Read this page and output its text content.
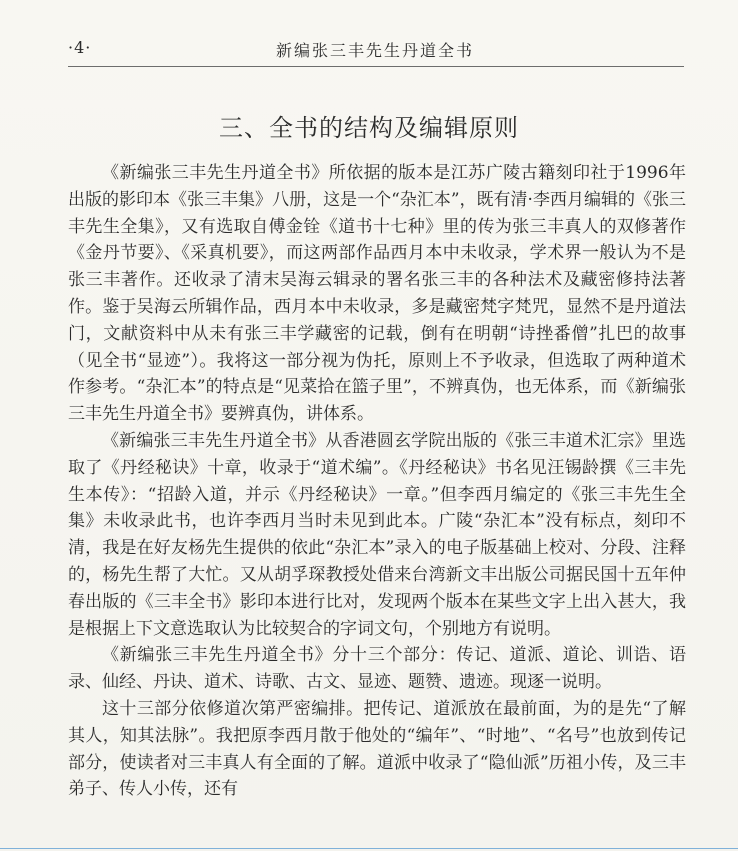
·4·	新编张三丰先生丹道全书
三、全书的结构及编辑原则

《新编张三丰先生丹道全书》所依据的版本是江苏广陵古籍刻印社于1996年出版的影印本《张三丰集》八册，这是一个“杂汇本”，既有清·李西月编辑的《张三丰先生全集》，又有选取自傅金铨《道书十七种》里的传为张三丰真人的双修著作《金丹节要》、《采真机要》，而这两部作品西月本中未收录，学术界一般认为不是张三丰著作。还收录了清末吴海云辑录的署名张三丰的各种法术及藏密修持法著作。鉴于吴海云所辑作品，西月本中未收录，多是藏密梵字梵咒，显然不是丹道法门，文献资料中从未有张三丰学藏密的记载，倒有在明朝“诗挫番僧”扎巴的故事（见全书“显迹”）。我将这一部分视为伪托，原则上不予收录，但选取了两种道术作参考。“杂汇本”的特点是“见菜拾在篮子里”，不辨真伪，也无体系，而《新编张三丰先生丹道全书》要辨真伪，讲体系。

《新编张三丰先生丹道全书》从香港圆玄学院出版的《张三丰道术汇宗》里选取了《丹经秘诀》十章，收录于“道术编”。《丹经秘诀》书名见汪锡龄撰《三丰先生本传》：“招龄入道，并示《丹经秘诀》一章。”但李西月编定的《张三丰先生全集》未收录此书，也许李西月当时未见到此本。广陵“杂汇本”没有标点，刻印不清，我是在好友杨先生提供的依此“杂汇本”录入的电子版基础上校对、分段、注释的，杨先生帮了大忙。又从胡孚琛教授处借来台湾新文丰出版公司据民国十五年仲春出版的《三丰全书》影印本进行比对，发现两个版本在某些文字上出入甚大，我是根据上下文意选取认为比较契合的字词文句，个别地方有说明。

《新编张三丰先生丹道全书》分十三个部分：传记、道派、道论、训诰、语录、仙经、丹诀、道术、诗歌、古文、显迹、题赞、遗迹。现逐一说明。

这十三部分依修道次第严密编排。把传记、道派放在最前面，为的是先“了解其人，知其法脉”。我把原李西月散于他处的“编年”、“时地”、“名号”也放到传记部分，使读者对三丰真人有全面的了解。道派中收录了“隐仙派”历祖小传，及三丰弟子、传人小传，还有
